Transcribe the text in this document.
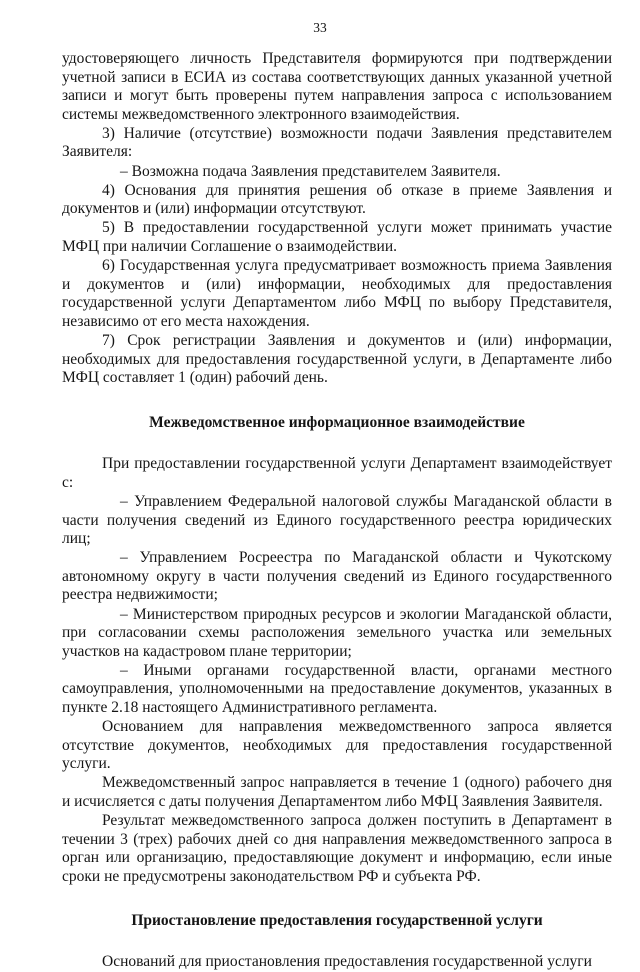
33

удостоверяющего личность Представителя формируются при подтверждении учетной записи в ЕСИА из состава соответствующих данных указанной учетной записи и могут быть проверены путем направления запроса с использованием системы межведомственного электронного взаимодействия.

3) Наличие (отсутствие) возможности подачи Заявления представителем Заявителя:

– Возможна подача Заявления представителем Заявителя.

4) Основания для принятия решения об отказе в приеме Заявления и документов и (или) информации отсутствуют.

5) В предоставлении государственной услуги может принимать участие МФЦ при наличии Соглашение о взаимодействии.

6) Государственная услуга предусматривает возможность приема Заявления и документов и (или) информации, необходимых для предоставления государственной услуги Департаментом либо МФЦ по выбору Представителя, независимо от его места нахождения.

7) Срок регистрации Заявления и документов и (или) информации, необходимых для предоставления государственной услуги, в Департаменте либо МФЦ составляет 1 (один) рабочий день.

Межведомственное информационное взаимодействие

При предоставлении государственной услуги Департамент взаимодействует с:

– Управлением Федеральной налоговой службы Магаданской области в части получения сведений из Единого государственного реестра юридических лиц;

– Управлением Росреестра по Магаданской области и Чукотскому автономному округу в части получения сведений из Единого государственного реестра недвижимости;

– Министерством природных ресурсов и экологии Магаданской области, при согласовании схемы расположения земельного участка или земельных участков на кадастровом плане территории;

– Иными органами государственной власти, органами местного самоуправления, уполномоченными на предоставление документов, указанных в пункте 2.18 настоящего Административного регламента.

Основанием для направления межведомственного запроса является отсутствие документов, необходимых для предоставления государственной услуги.

Межведомственный запрос направляется в течение 1 (одного) рабочего дня и исчисляется с даты получения Департаментом либо МФЦ Заявления Заявителя.

Результат межведомственного запроса должен поступить в Департамент в течении 3 (трех) рабочих дней со дня направления межведомственного запроса в орган или организацию, предоставляющие документ и информацию, если иные сроки не предусмотрены законодательством РФ и субъекта РФ.

Приостановление предоставления государственной услуги

Оснований для приостановления предоставления государственной услуги
